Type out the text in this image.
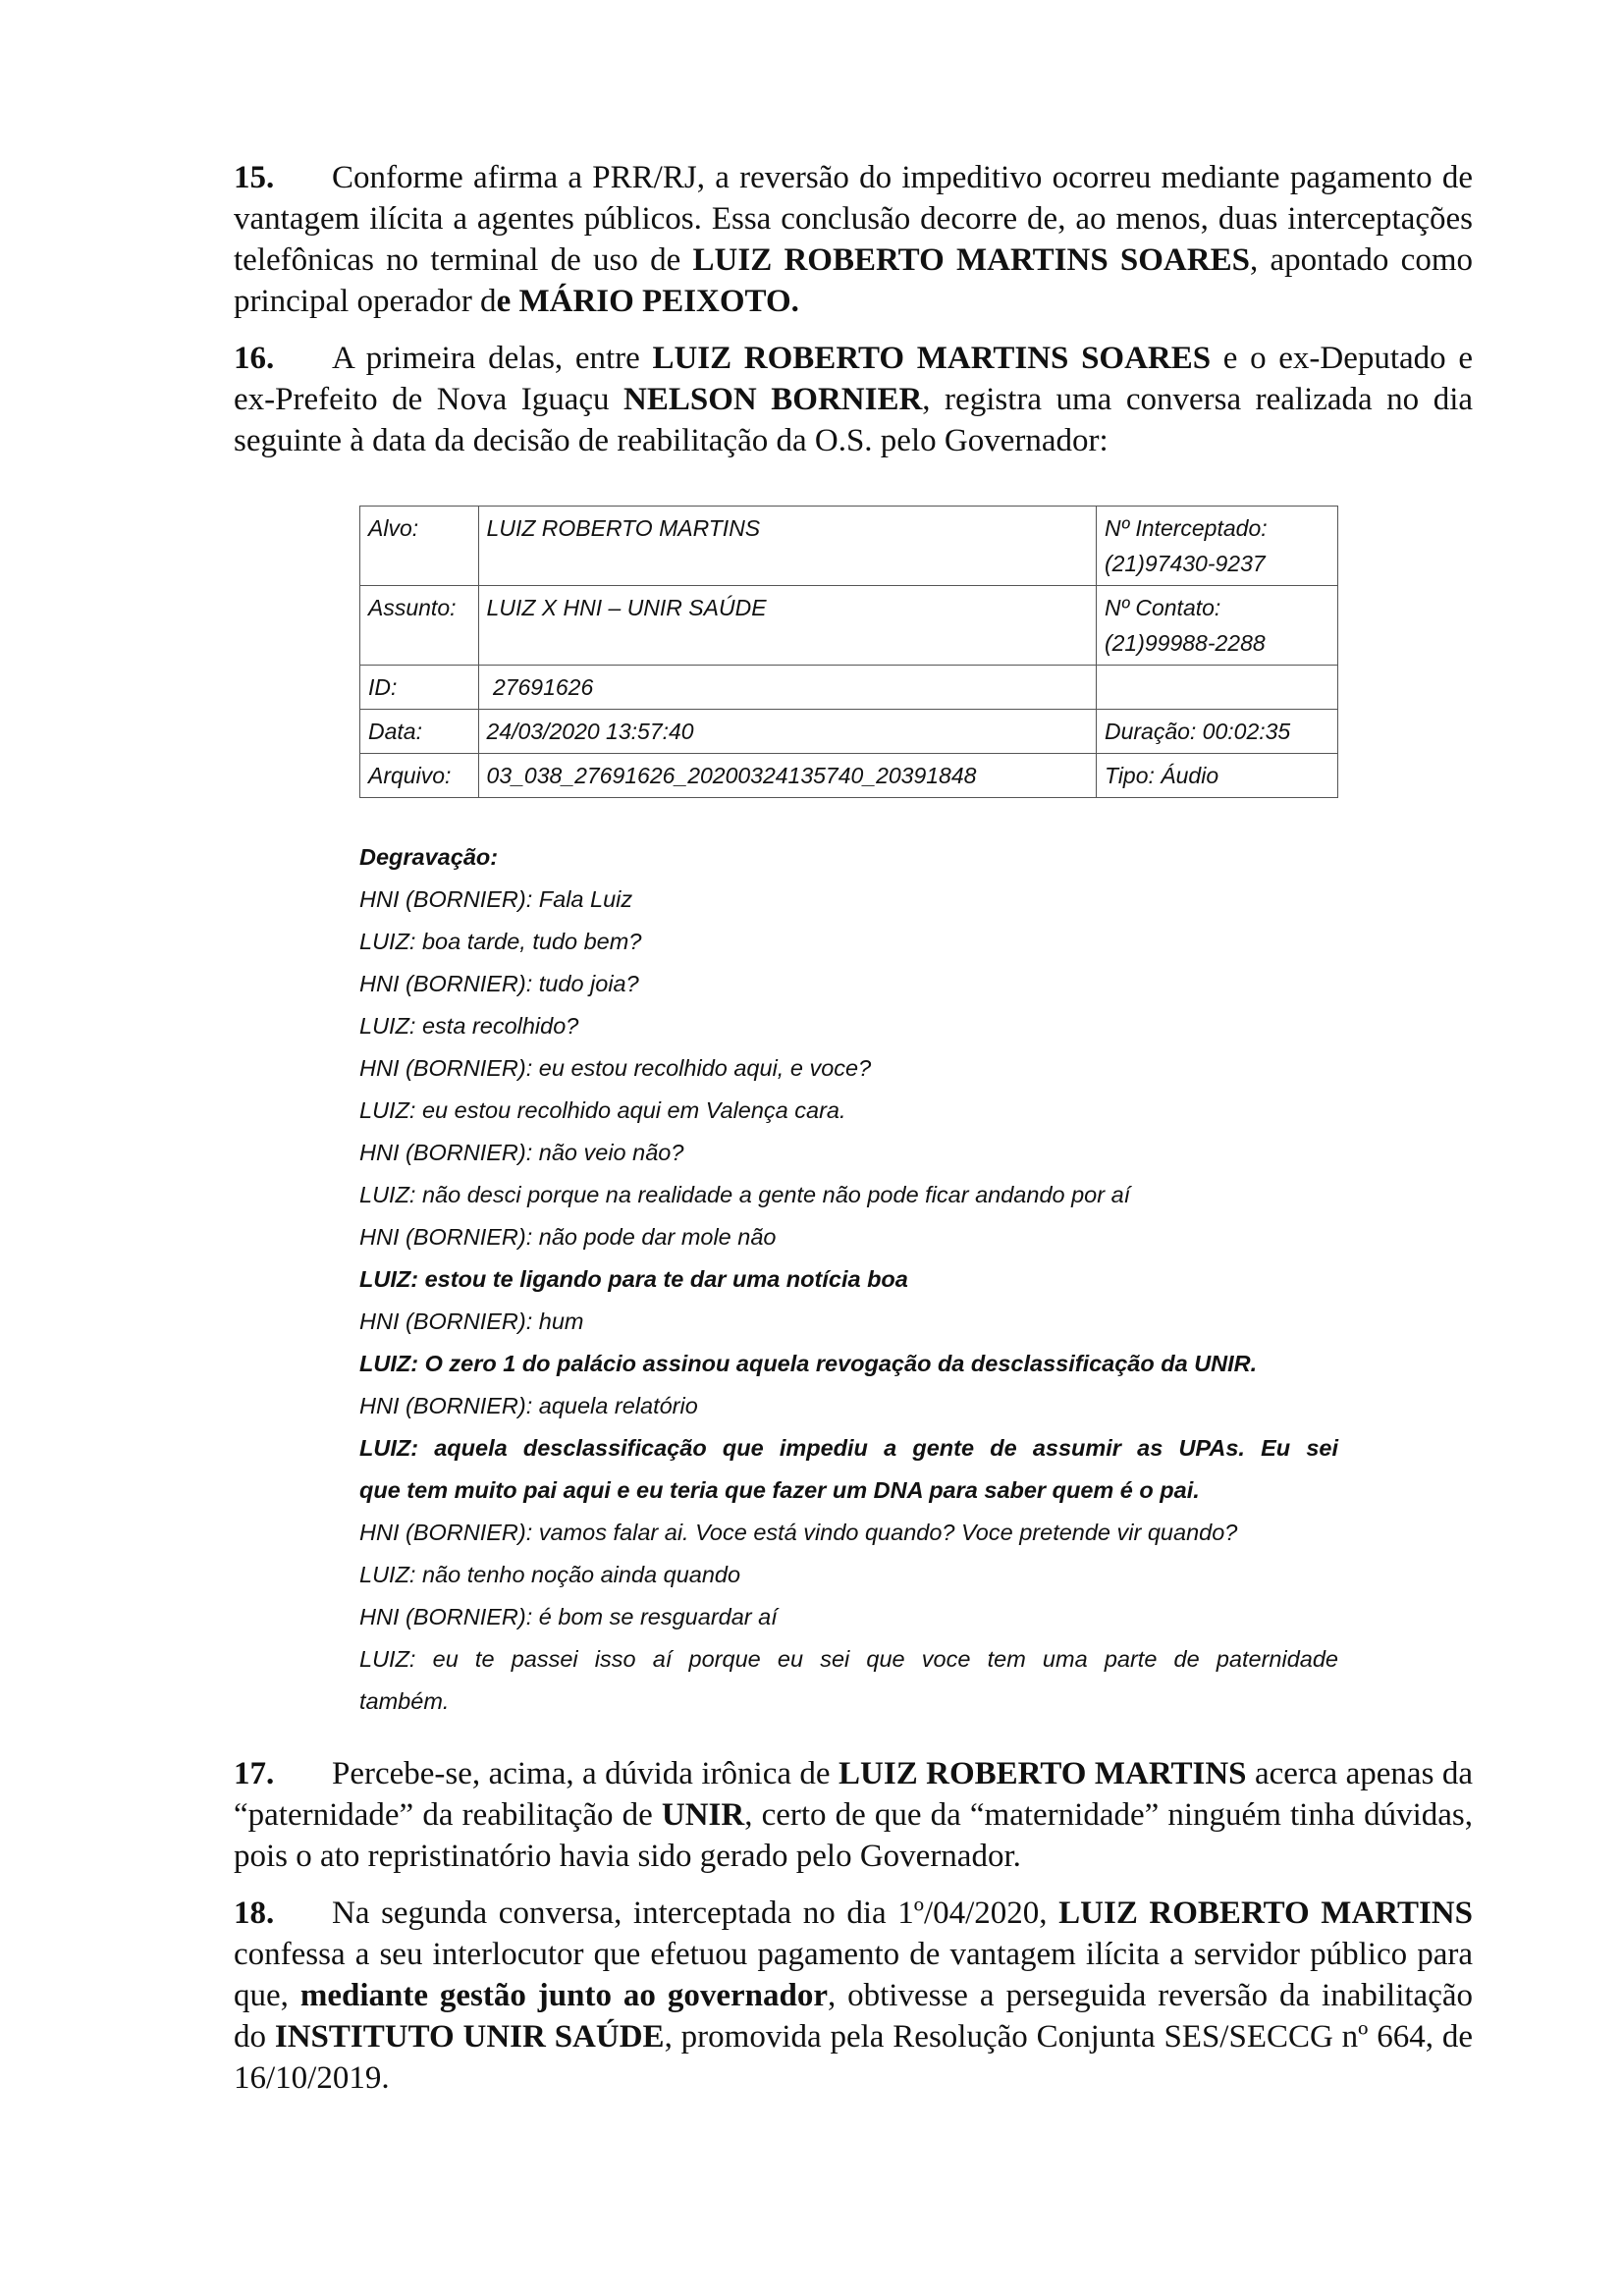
15. Conforme afirma a PRR/RJ, a reversão do impeditivo ocorreu mediante pagamento de vantagem ilícita a agentes públicos. Essa conclusão decorre de, ao menos, duas interceptações telefônicas no terminal de uso de LUIZ ROBERTO MARTINS SOARES, apontado como principal operador de MÁRIO PEIXOTO.

16. A primeira delas, entre LUIZ ROBERTO MARTINS SOARES e o ex-Deputado e ex-Prefeito de Nova Iguaçu NELSON BORNIER, registra uma conversa realizada no dia seguinte à data da decisão de reabilitação da O.S. pelo Governador:

Alvo:	LUIZ ROBERTO MARTINS	Nº Interceptado:
(21)97430-9237
Assunto:	LUIZ X HNI – UNIR SAÚDE	Nº Contato:
(21)99988-2288
ID:	27691626	
Data:	24/03/2020 13:57:40	Duração: 00:02:35
Arquivo:	03_038_27691626_20200324135740_20391848	Tipo: Áudio
Degravação:

HNI (BORNIER): Fala Luiz

LUIZ: boa tarde, tudo bem?

HNI (BORNIER): tudo joia?

LUIZ: esta recolhido?

HNI (BORNIER): eu estou recolhido aqui, e voce?

LUIZ: eu estou recolhido aqui em Valença cara.

HNI (BORNIER): não veio não?

LUIZ: não desci porque na realidade a gente não pode ficar andando por aí

HNI (BORNIER): não pode dar mole não

LUIZ: estou te ligando para te dar uma notícia boa

HNI (BORNIER): hum

LUIZ: O zero 1 do palácio assinou aquela revogação da desclassificação da UNIR.

HNI (BORNIER): aquela relatório

LUIZ: aquela desclassificação que impediu a gente de assumir as UPAs. Eu sei

que tem muito pai aqui e eu teria que fazer um DNA para saber quem é o pai.

HNI (BORNIER): vamos falar ai. Voce está vindo quando? Voce pretende vir quando?

LUIZ: não tenho noção ainda quando

HNI (BORNIER): é bom se resguardar aí

LUIZ: eu te passei isso aí porque eu sei que voce tem uma parte de paternidade

também.

17. Percebe-se, acima, a dúvida irônica de LUIZ ROBERTO MARTINS acerca apenas da “paternidade” da reabilitação de UNIR, certo de que da “maternidade” ninguém tinha dúvidas, pois o ato repristinatório havia sido gerado pelo Governador.

18. Na segunda conversa, interceptada no dia 1º/04/2020, LUIZ ROBERTO MARTINS confessa a seu interlocutor que efetuou pagamento de vantagem ilícita a servidor público para que, mediante gestão junto ao governador, obtivesse a perseguida reversão da inabilitação do INSTITUTO UNIR SAÚDE, promovida pela Resolução Conjunta SES/SECCG nº 664, de 16/10/2019.
